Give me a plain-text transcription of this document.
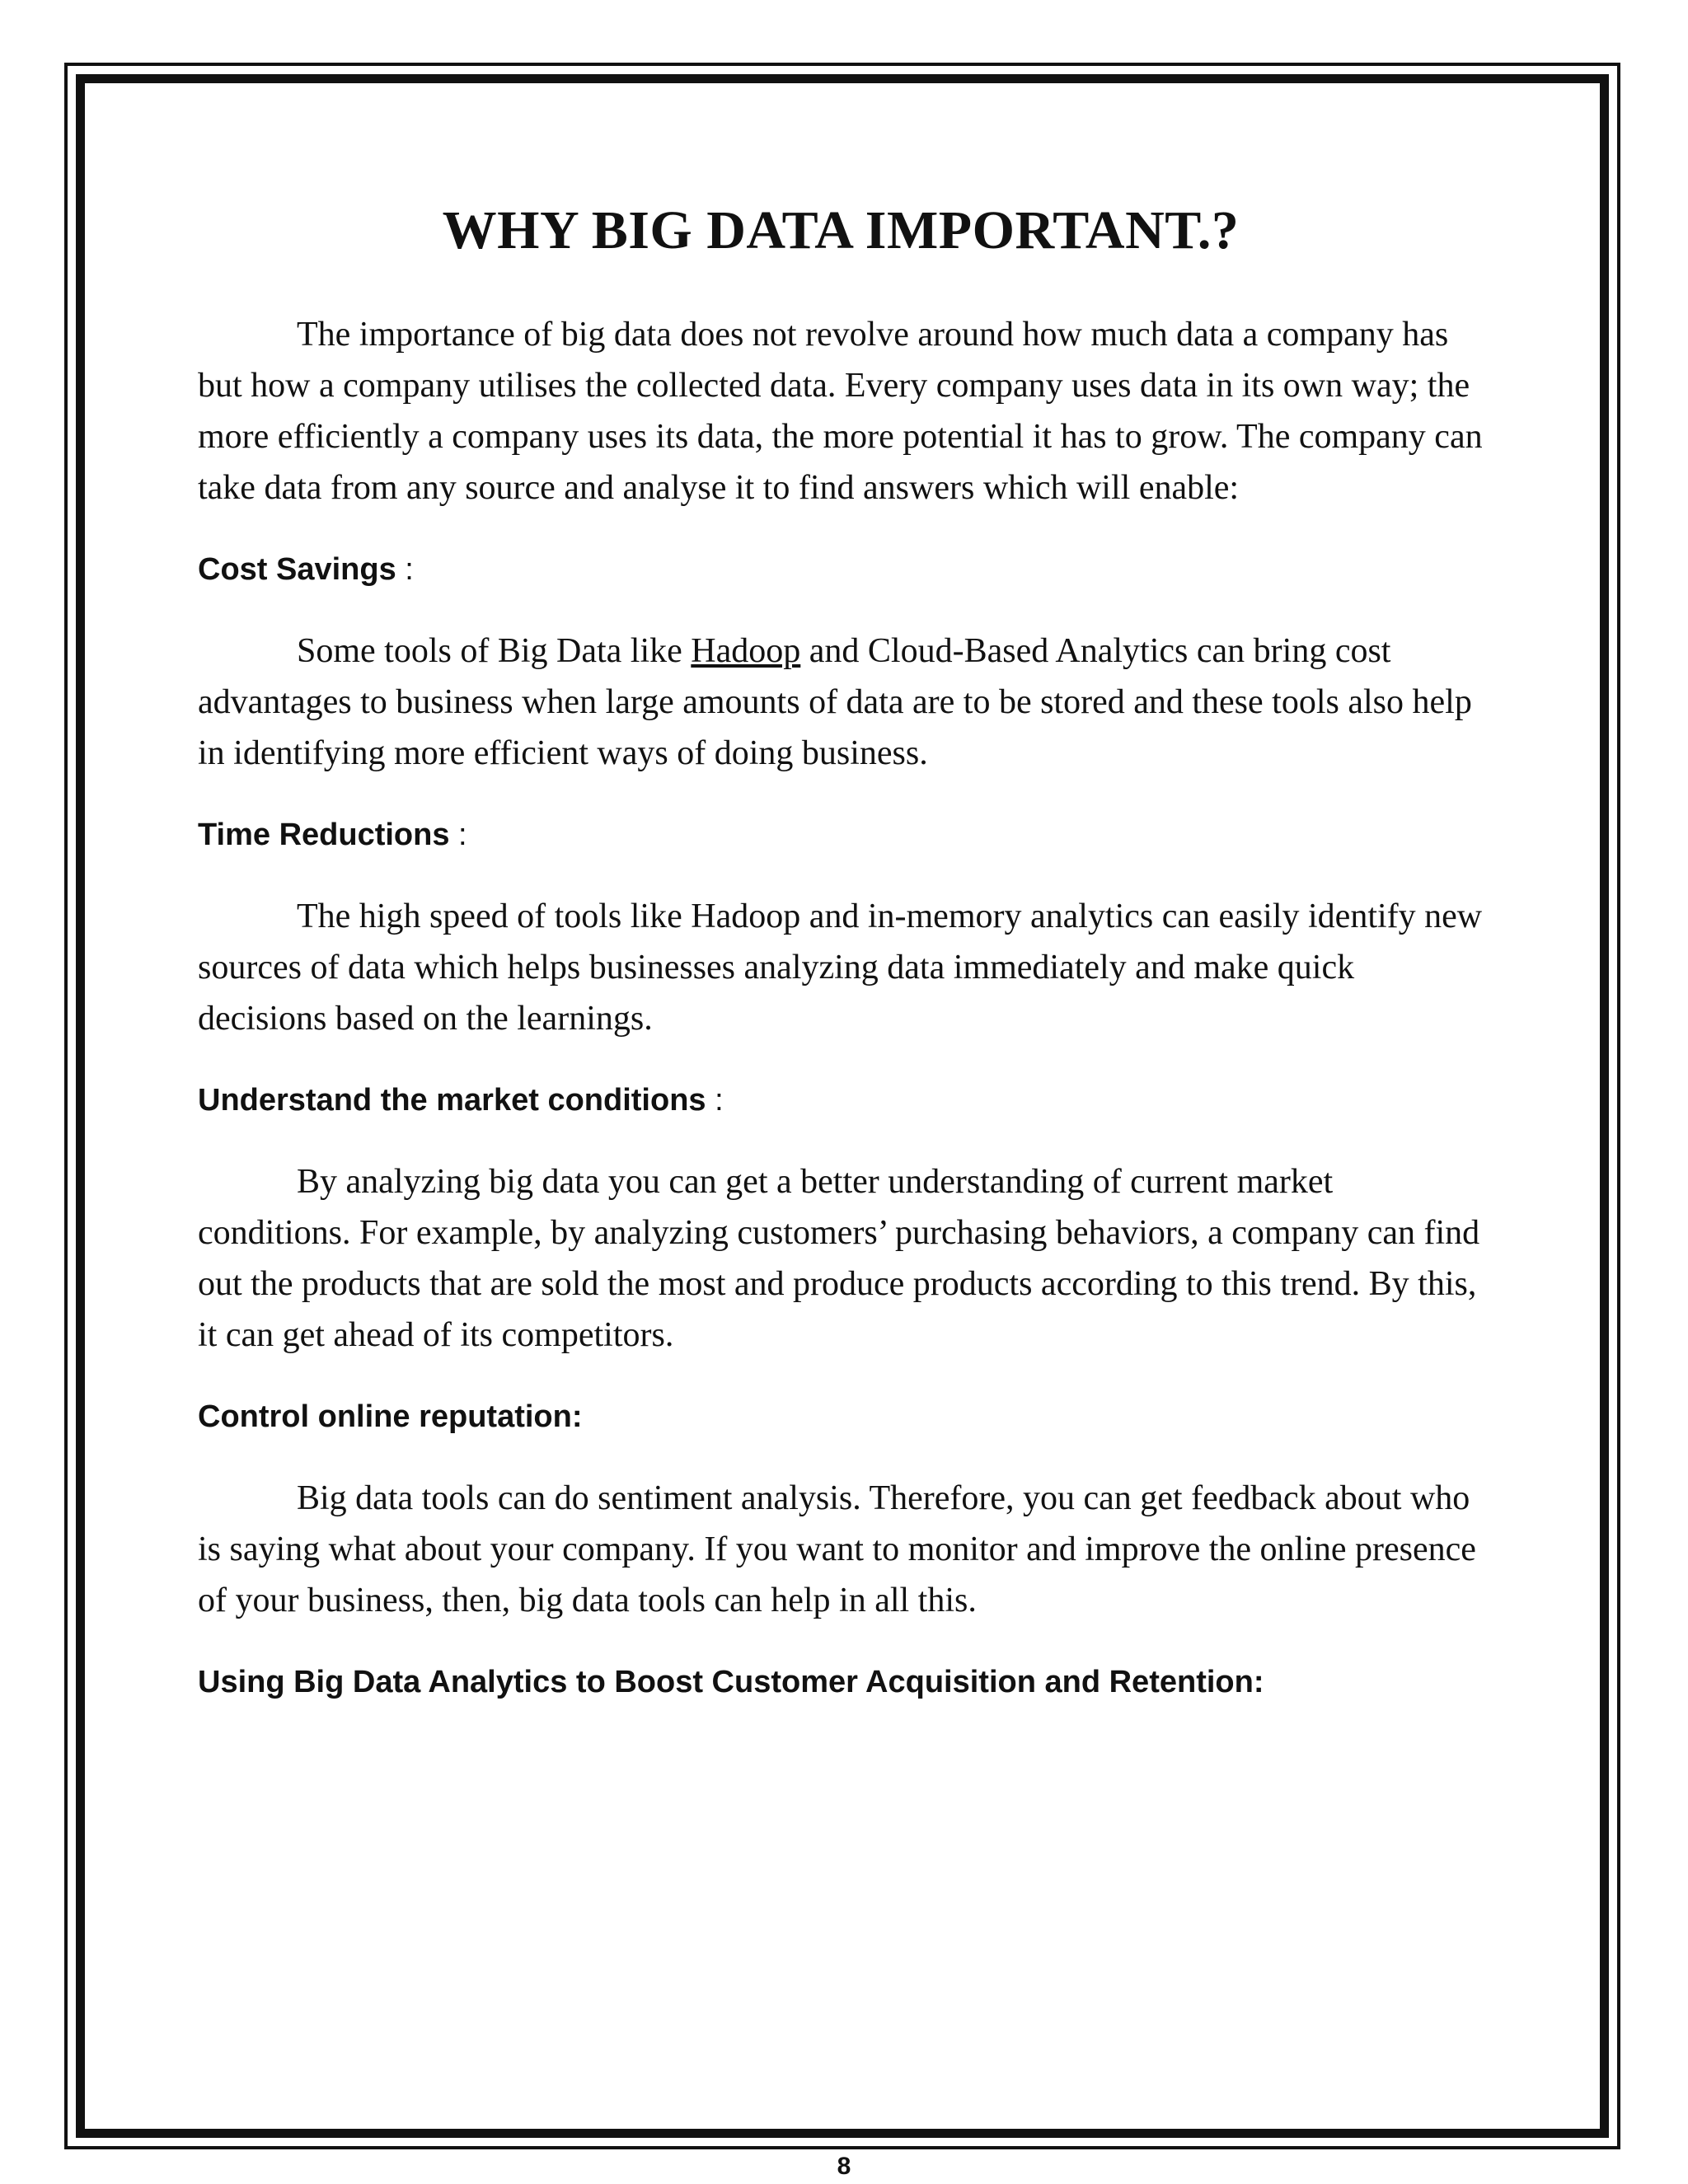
WHY BIG DATA IMPORTANT.?

The importance of big data does not revolve around how much data a company has but how a company utilises the collected data. Every company uses data in its own way; the more efficiently a company uses its data, the more potential it has to grow. The company can take data from any source and analyse it to find answers which will enable:

Cost Savings :

Some tools of Big Data like Hadoop and Cloud-Based Analytics can bring cost advantages to business when large amounts of data are to be stored and these tools also help in identifying more efficient ways of doing business.

Time Reductions :

The high speed of tools like Hadoop and in-memory analytics can easily identify new sources of data which helps businesses analyzing data immediately and make quick decisions based on the learnings.

Understand the market conditions :

By analyzing big data you can get a better understanding of current market conditions. For example, by analyzing customers’ purchasing behaviors, a company can find out the products that are sold the most and produce products according to this trend. By this, it can get ahead of its competitors.

Control online reputation:

Big data tools can do sentiment analysis. Therefore, you can get feedback about who is saying what about your company. If you want to monitor and improve the online presence of your business, then, big data tools can help in all this.

Using Big Data Analytics to Boost Customer Acquisition and Retention:
8
